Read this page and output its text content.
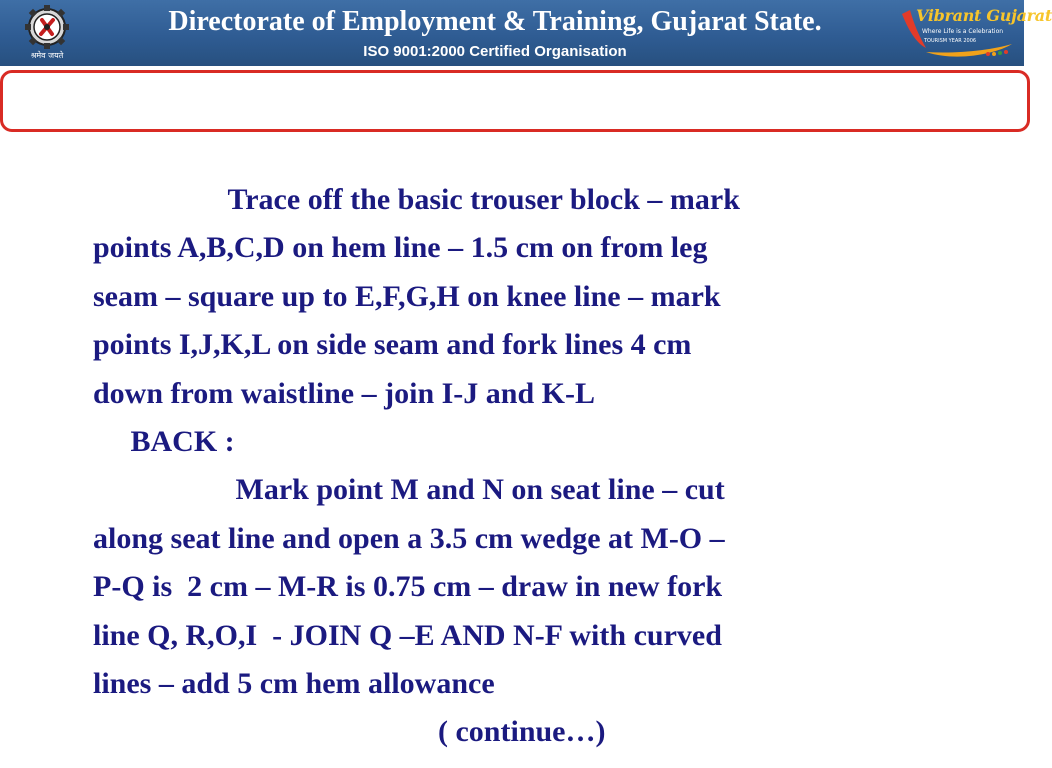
श्रमेव जयते
Directorate of Employment & Training, Gujarat State.
ISO 9001:2000 Certified Organisation
Vibrant Gujarat
Where Life is a Celebration
TOURISM YEAR 2006
Trace off the basic trouser block – mark
points A,B,C,D on hem line – 1.5 cm on from leg
seam – square up to E,F,G,H on knee line – mark
points I,J,K,L on side seam and fork lines 4 cm
down from waistline – join I-J and K-L
BACK :
Mark point M and N on seat line – cut
along seat line and open a 3.5 cm wedge at M-O –
P-Q is  2 cm – M-R is 0.75 cm – draw in new fork
line Q, R,O,I  - JOIN Q –E AND N-F with curved
lines – add 5 cm hem allowance
( continue…)
